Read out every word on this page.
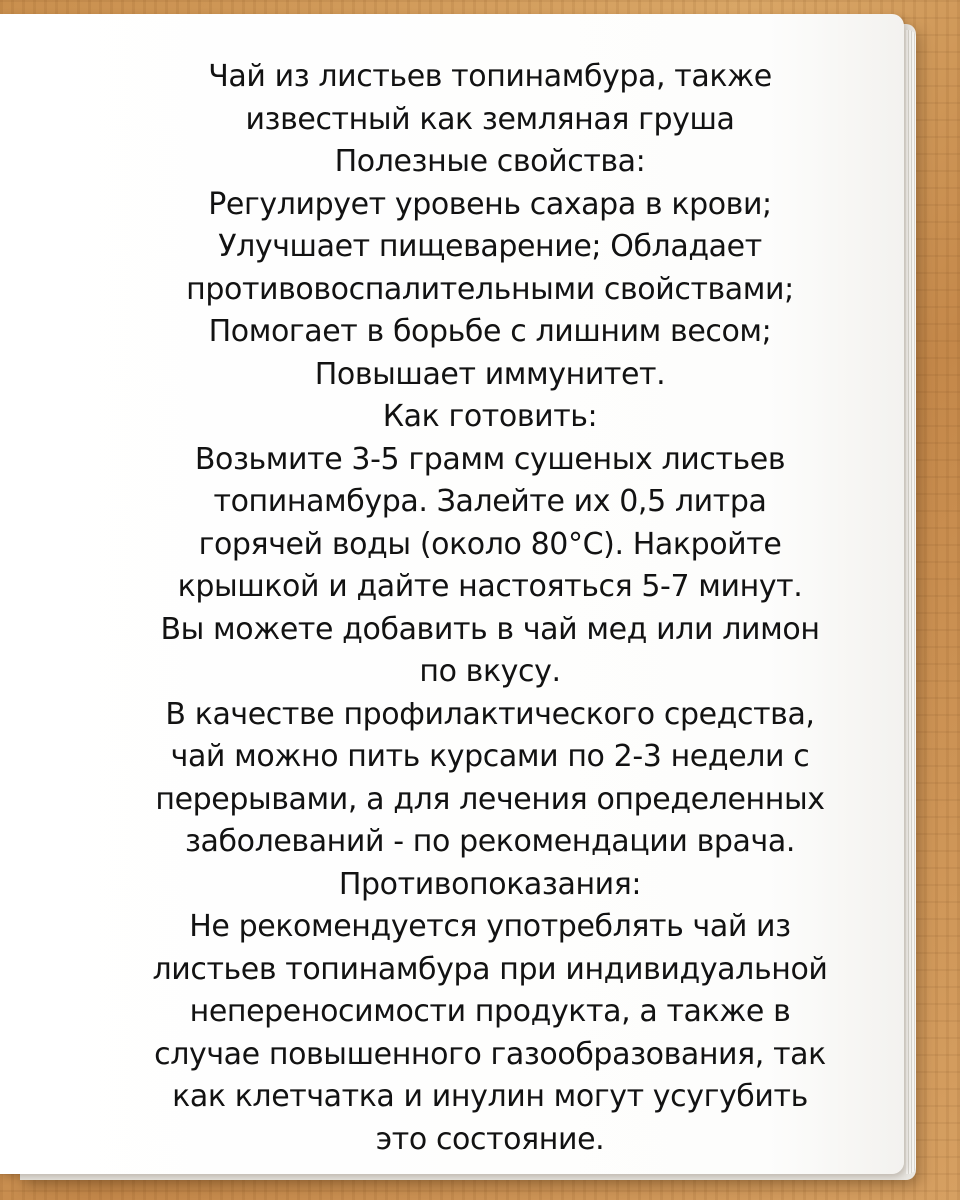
Чай из листьев топинамбура, также
известный как земляная груша
Полезные свойства:
Регулирует уровень сахара в крови;
Улучшает пищеварение; Обладает
противовоспалительными свойствами;
Помогает в борьбе с лишним весом;
Повышает иммунитет.
Как готовить:
Возьмите 3-5 грамм сушеных листьев
топинамбура. Залейте их 0,5 литра
горячей воды (около 80°С). Накройте
крышкой и дайте настояться 5-7 минут.
Вы можете добавить в чай мед или лимон
по вкусу.
В качестве профилактического средства,
чай можно пить курсами по 2-3 недели с
перерывами, а для лечения определенных
заболеваний - по рекомендации врача.
Противопоказания:
Не рекомендуется употреблять чай из
листьев топинамбура при индивидуальной
непереносимости продукта, а также в
случае повышенного газообразования, так
как клетчатка и инулин могут усугубить
это состояние.
